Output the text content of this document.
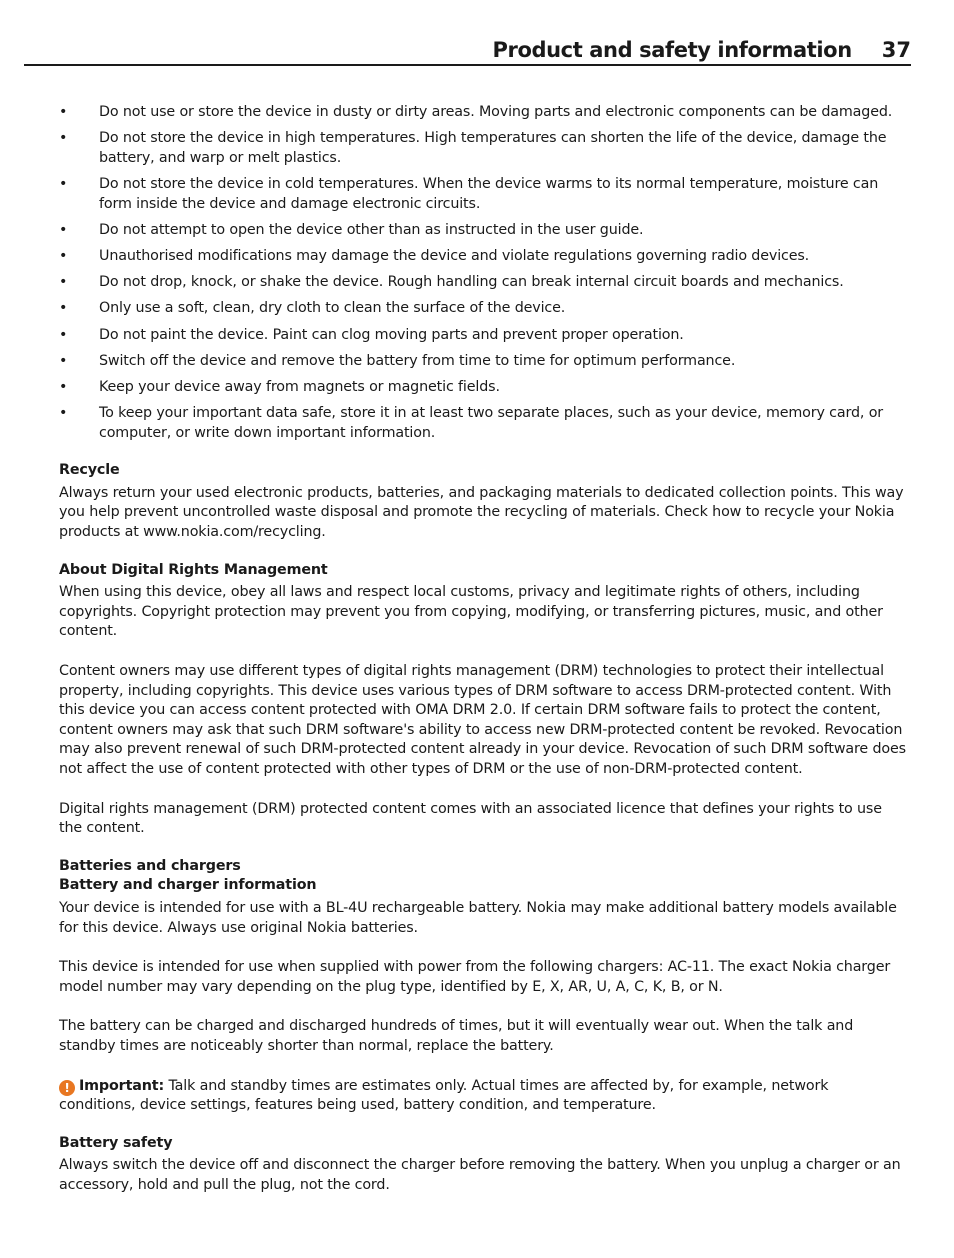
Product and safety information 37
• Do not use or store the device in dusty or dirty areas. Moving parts and electronic components can be damaged.
• Do not store the device in high temperatures. High temperatures can shorten the life of the device, damage the battery, and warp or melt plastics.
• Do not store the device in cold temperatures. When the device warms to its normal temperature, moisture can form inside the device and damage electronic circuits.
• Do not attempt to open the device other than as instructed in the user guide.
• Unauthorised modifications may damage the device and violate regulations governing radio devices.
• Do not drop, knock, or shake the device. Rough handling can break internal circuit boards and mechanics.
• Only use a soft, clean, dry cloth to clean the surface of the device.
• Do not paint the device. Paint can clog moving parts and prevent proper operation.
• Switch off the device and remove the battery from time to time for optimum performance.
• Keep your device away from magnets or magnetic fields.
• To keep your important data safe, store it in at least two separate places, such as your device, memory card, or computer, or write down important information.
Recycle

Always return your used electronic products, batteries, and packaging materials to dedicated collection points. This way you help prevent uncontrolled waste disposal and promote the recycling of materials. Check how to recycle your Nokia products at www.nokia.com/recycling.

About Digital Rights Management

When using this device, obey all laws and respect local customs, privacy and legitimate rights of others, including copyrights. Copyright protection may prevent you from copying, modifying, or transferring pictures, music, and other content.

Content owners may use different types of digital rights management (DRM) technologies to protect their intellectual property, including copyrights. This device uses various types of DRM software to access DRM-protected content. With this device you can access content protected with OMA DRM 2.0. If certain DRM software fails to protect the content, content owners may ask that such DRM software's ability to access new DRM-protected content be revoked. Revocation may also prevent renewal of such DRM-protected content already in your device. Revocation of such DRM software does not affect the use of content protected with other types of DRM or the use of non-DRM-protected content.

Digital rights management (DRM) protected content comes with an associated licence that defines your rights to use the content.

Batteries and chargers
Battery and charger information

Your device is intended for use with a BL-4U rechargeable battery. Nokia may make additional battery models available for this device. Always use original Nokia batteries.

This device is intended for use when supplied with power from the following chargers: AC-11. The exact Nokia charger model number may vary depending on the plug type, identified by E, X, AR, U, A, C, K, B, or N.

The battery can be charged and discharged hundreds of times, but it will eventually wear out. When the talk and standby times are noticeably shorter than normal, replace the battery.

! Important: Talk and standby times are estimates only. Actual times are affected by, for example, network conditions, device settings, features being used, battery condition, and temperature.

Battery safety

Always switch the device off and disconnect the charger before removing the battery. When you unplug a charger or an accessory, hold and pull the plug, not the cord.
